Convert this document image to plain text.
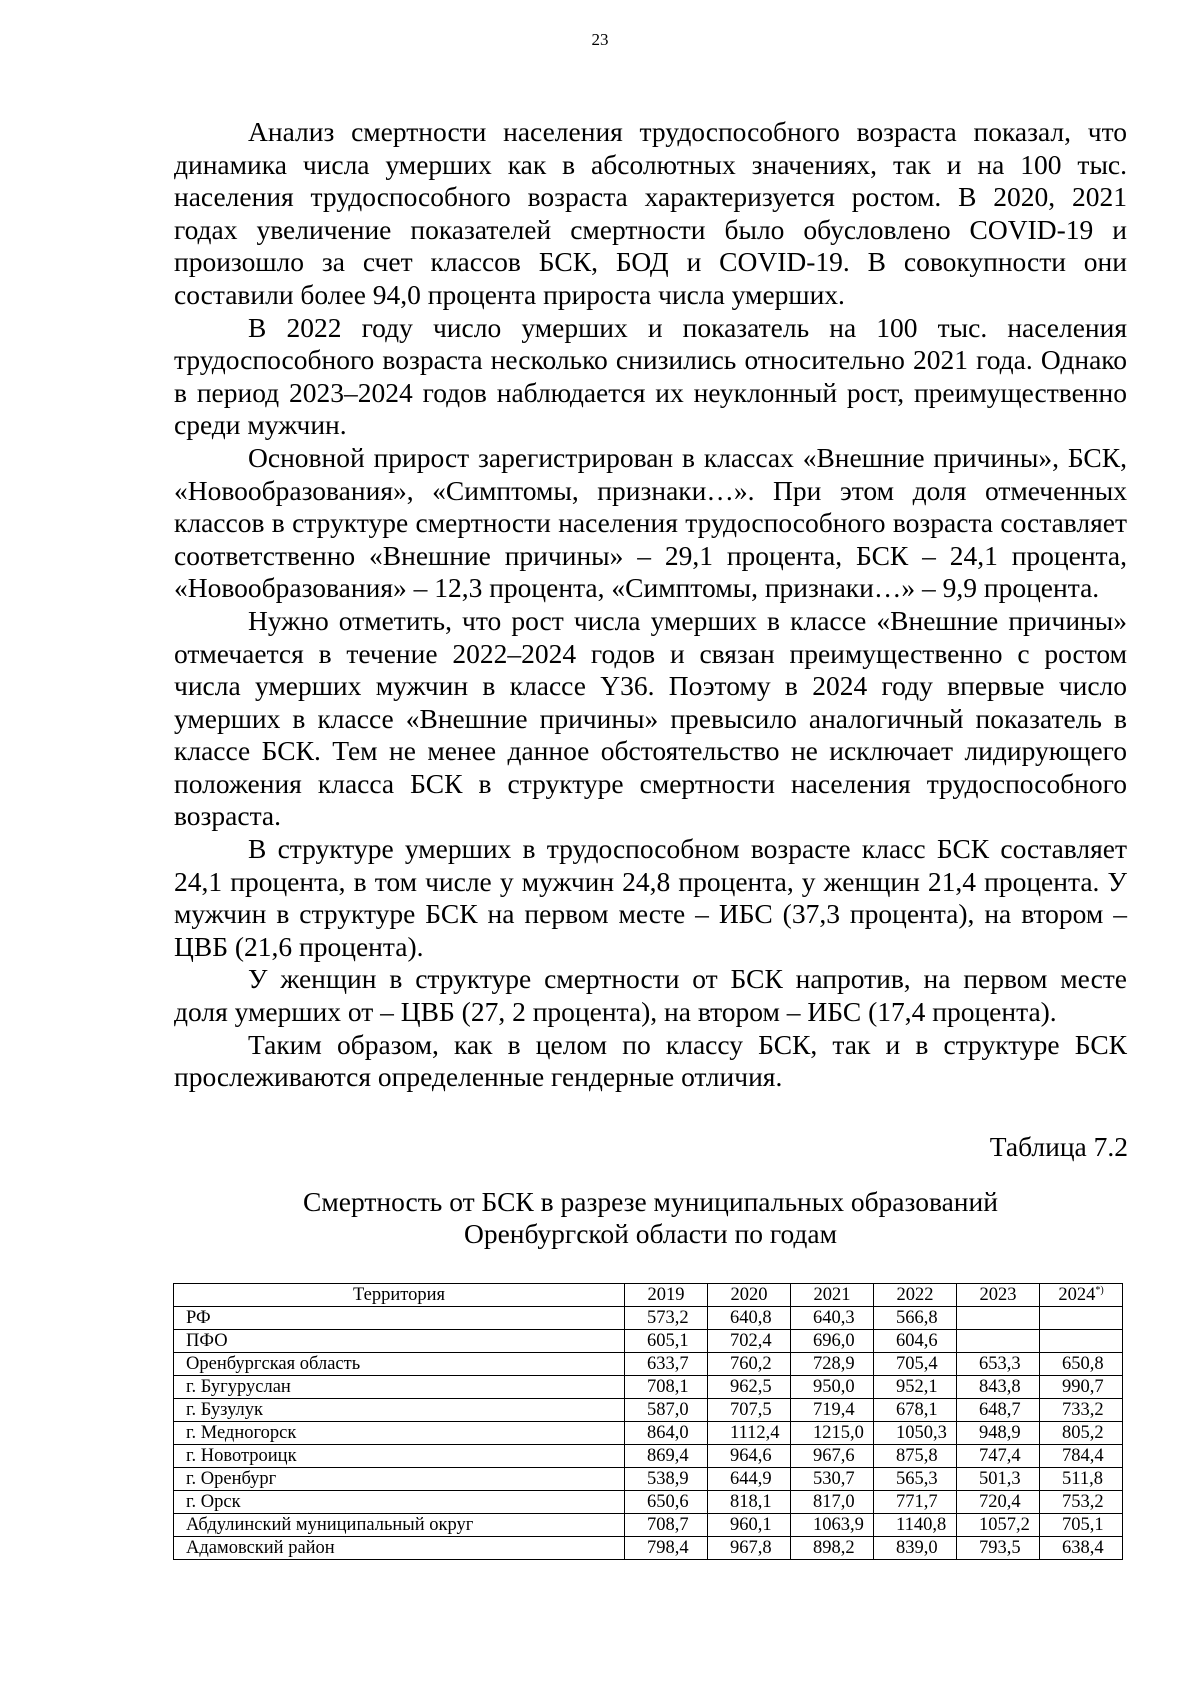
23

Анализ смертности населения трудоспособного возраста показал, что динамика числа умерших как в абсолютных значениях, так и на 100 тыс. населения трудоспособного возраста характеризуется ростом. В 2020, 2021 годах увеличение показателей смертности было обусловлено COVID-19 и произошло за счет классов БСК, БОД и COVID-19. В совокупности они составили более 94,0 процента прироста числа умерших.

В 2022 году число умерших и показатель на 100 тыс. населения трудоспособного возраста несколько снизились относительно 2021 года. Однако в период 2023–2024 годов наблюдается их неуклонный рост, преимущественно среди мужчин.

Основной прирост зарегистрирован в классах «Внешние причины», БСК, «Новообразования», «Симптомы, признаки…». При этом доля отмеченных классов в структуре смертности населения трудоспособного возраста составляет соответственно «Внешние причины» – 29,1 процента, БСК – 24,1 процента, «Новообразования» – 12,3 процента, «Симптомы, признаки…» – 9,9 процента.

Нужно отметить, что рост числа умерших в классе «Внешние причины» отмечается в течение 2022–2024 годов и связан преимущественно с ростом числа умерших мужчин в классе Y36. Поэтому в 2024 году впервые число умерших в классе «Внешние причины» превысило аналогичный показатель в классе БСК. Тем не менее данное обстоятельство не исключает лидирующего положения класса БСК в структуре смертности населения трудоспособного возраста.

В структуре умерших в трудоспособном возрасте класс БСК составляет 24,1 процента, в том числе у мужчин 24,8 процента, у женщин 21,4 процента. У мужчин в структуре БСК на первом месте – ИБС (37,3 процента), на втором – ЦВБ (21,6 процента).

У женщин в структуре смертности от БСК напротив, на первом месте доля умерших от – ЦВБ (27, 2 процента), на втором – ИБС (17,4 процента).

Таким образом, как в целом по классу БСК, так и в структуре БСК прослеживаются определенные гендерные отличия.

Таблица 7.2
Смертность от БСК в разрезе муниципальных образований
Оренбургской области по годам
Территория	2019	2020	2021	2022	2023	2024*)
РФ	573,2	640,8	640,3	566,8		
ПФО	605,1	702,4	696,0	604,6		
Оренбургская область	633,7	760,2	728,9	705,4	653,3	650,8
г. Бугуруслан	708,1	962,5	950,0	952,1	843,8	990,7
г. Бузулук	587,0	707,5	719,4	678,1	648,7	733,2
г. Медногорск	864,0	1112,4	1215,0	1050,3	948,9	805,2
г. Новотроицк	869,4	964,6	967,6	875,8	747,4	784,4
г. Оренбург	538,9	644,9	530,7	565,3	501,3	511,8
г. Орск	650,6	818,1	817,0	771,7	720,4	753,2
Абдулинский муниципальный округ	708,7	960,1	1063,9	1140,8	1057,2	705,1
Адамовский район	798,4	967,8	898,2	839,0	793,5	638,4
